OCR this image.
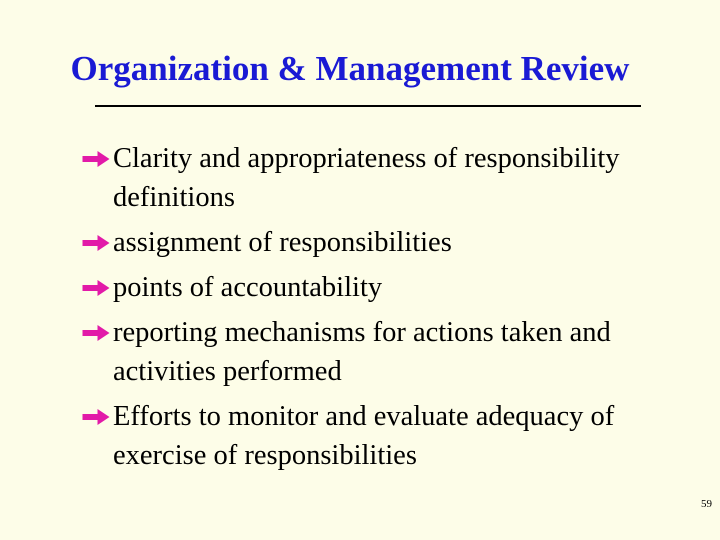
Organization & Management Review
Clarity and appropriateness of responsibility definitions
assignment of responsibilities
points of accountability
reporting mechanisms for actions taken and activities performed
Efforts to monitor and evaluate adequacy of exercise of responsibilities
59
